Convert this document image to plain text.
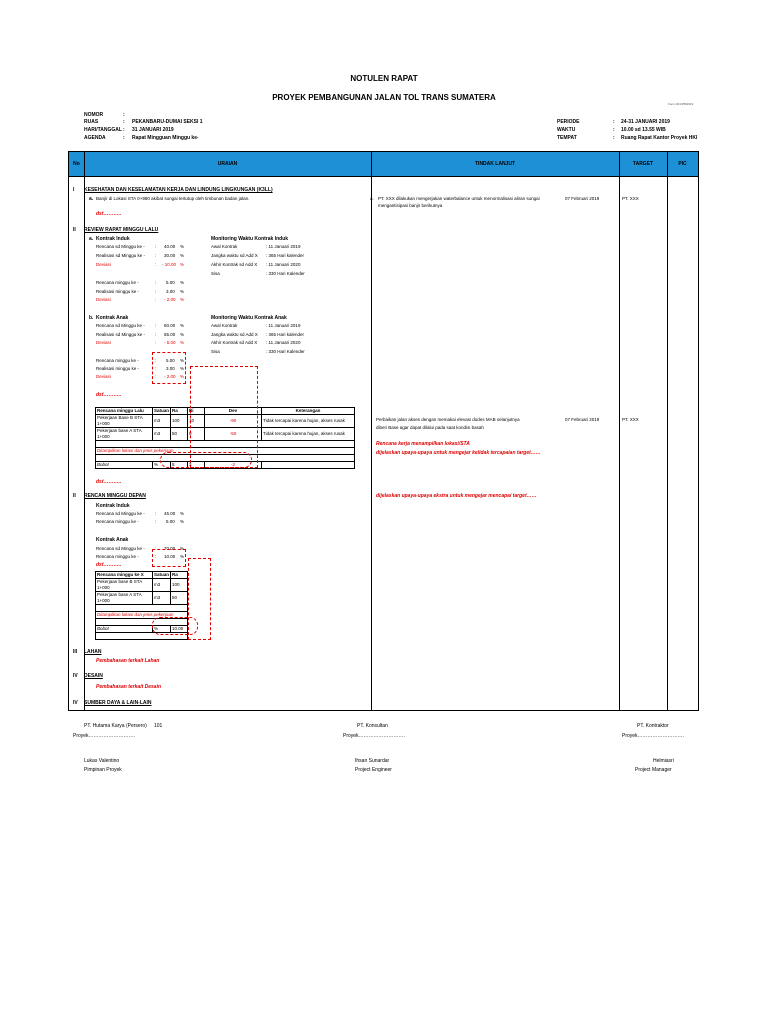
NOTULEN RAPAT
PROYEK PEMBANGUNAN JALAN TOL TRANS SUMATERA
Form-001/PB/2019
NOMOR	:
RUAS	: PEKANBARU-DUMAI SEKSI 1
HARI/TANGGAL : 31 JANUARI 2019
AGENDA	: Rapat Mingguan Minggu ke-
PERIODE	: 24-31 JANUARI 2019
WAKTU	: 10.00 sd 13.55 WIB
TEMPAT	: Ruang Rapat Kantor Proyek HKI
No	URAIAN	TINDAK LANJUT	TARGET	PIC
I KESEHATAN DAN KESELAMATAN KERJA DAN LINDUNG LINGKUNGAN (K3LL)
a. Banjir di Lokasi STA 0+980 akibat sungai tertutup oleh timbunan badan jalan.
dst………..
a. PT. XXX dilakukan mengerjakan waterbalance untuk menormalisasi aliran sungai
mengantisipasi banjir berikutnya
07 Februari 2019	PT. XXX
II REVIEW RAPAT MINGGU LALU
a. Kontrak Induk
Rencana sd Minggu ke - : 40.00 %
Realisasi sd Minggu ke - : 30.00 %
Deviasi	: - 10.00 %
Rencana minggu ke -	: 5.00 %
Realisasi minggu ke -	: 3.00 %
Deviasi	: - 2.00 %
Monitoring Waktu Kontrak Induk
Awal Kontrak	: 11 Januari 2019
Jangka waktu sd Add X : 365 Hari kalender
Akhir Kontrak sd Add X : 11 Januari 2020
Sisa	: 330 Hari Kalender
b. Kontrak Anak
Rencana sd Minggu ke - : 60.00 %
Realisasi sd Minggu ke - : 55.00 %
Deviasi	: - 5.00 %
Monitoring Waktu Kontrak Anak
Awal Kontrak	: 11 Januari 2019
Jangka waktu sd Add X : 365 Hari kalender
Akhir Kontrak sd Add X : 11 Januari 2020
Sisa	: 330 Hari Kalender
Rencana minggu ke -	: 5.00 %
Realisasi minggu ke -	: 3.00 %
Deviasi	: - 2.00 %
dst………..
Rencana minggu Lalu	Satuan	Ra	Ri	Dev	Keterangan
Pekerjaan Base B STA 1+000	m3	100	10	-90	Tidak tercapai karena hujan, akses rusak
Pekerjaan base A STA 1+000	m3	50	0	-50	Tidak tercapai karena hujan, akses rusak

Ditampilkan lokasi dan jenis pekerjaan					

Bobot	%	5	3	-2	
dst………..
Perbaikan jalan akses dengan memakai elevasi dodes MAB selanjutnya
diberi Base agar dapat dilalui pada saat kondisi basah
Rencana kerja menampilkan lokasi/STA
dijelaskan upaya-upaya untuk mengejar kelidak tercapaian target……
07 Februari 2019	PT. XXX
II RENCAN MINGGU DEPAN
Kontrak Induk
Rencana sd Minggu ke - : 45.00 %
Rencana minggu ke -	: 5.00 %
Kontrak Anak
Rencana sd Minggu ke - : 70.00 %
Rencana minggu ke -	: 10.00 %
dst………..
Rencana minggu ke X	Satuan	Ra
Pekerjaan base B STA 1+000	m3	100
Pekerjaan base A STA 1+000	m3	50

Ditampilkan lokasi dan jenis pekerjaan		

Bobot	%	10.00

dijelaskan upaya-upaya ekstra untuk mengejar mencapai target……
III LAHAN
Pembahasan terkait Lahan
IV DESAIN
Pembahasan terkait Desain
IV SUMBER DAYA & LAIN-LAIN
PT. Hutama Karya (Persero) 101
Proyek……………………….
Lukas Valentino
Pimpinan Proyek
PT. Konsultan
Proyek……………………….
Ihsan Sunardar
Project Engineer
PT. Kontraktor
Proyek……………………….
Helmiasri
Project Manager
